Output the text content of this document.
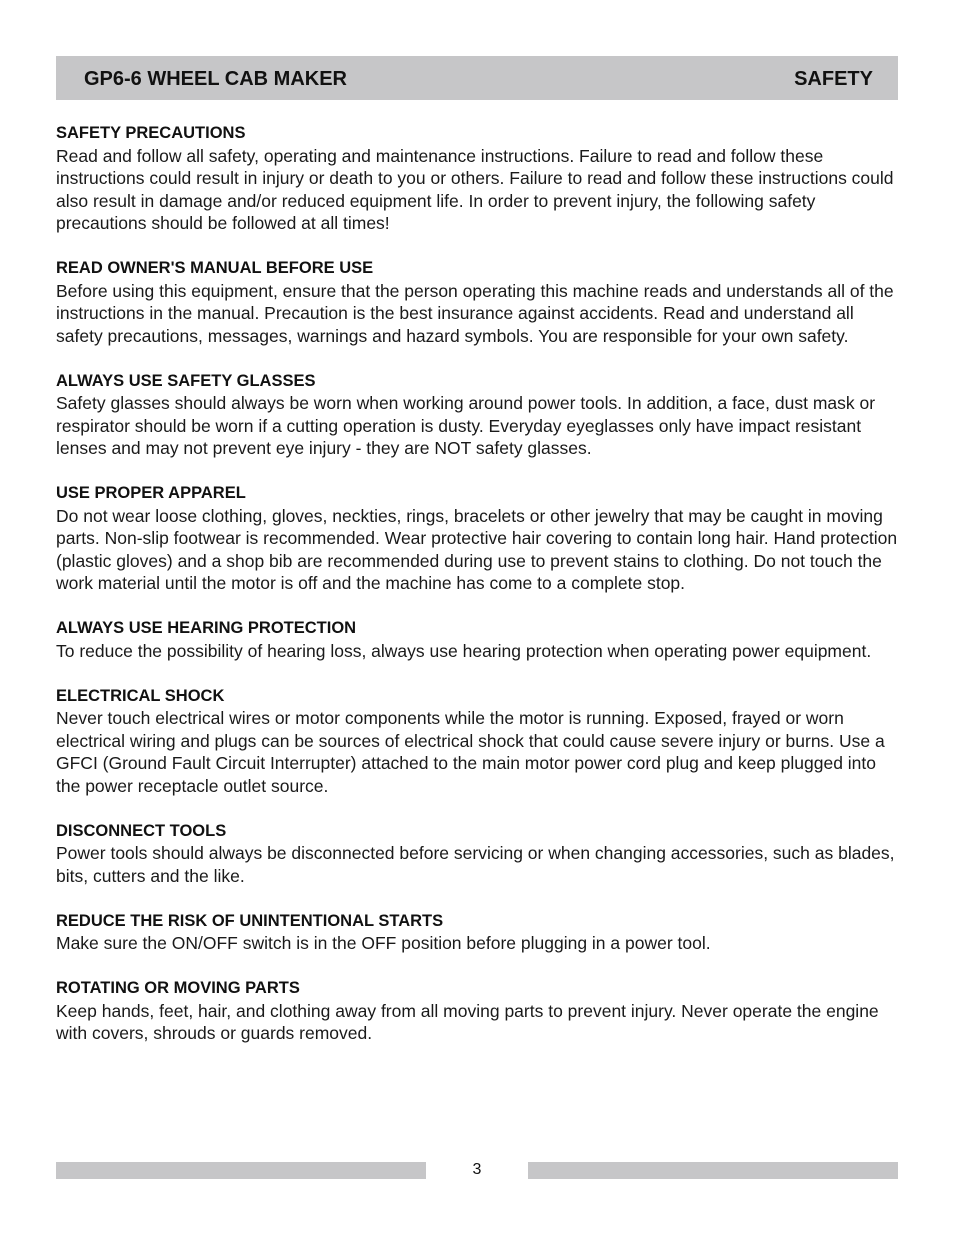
GP6-6 WHEEL CAB MAKER	SAFETY

SAFETY PRECAUTIONS

Read and follow all safety, operating and maintenance instructions. Failure to read and follow these instructions could result in injury or death to you or others. Failure to read and follow these instructions could also result in damage and/or reduced equipment life. In order to prevent injury, the following safety precautions should be followed at all times!

READ OWNER'S MANUAL BEFORE USE

Before using this equipment, ensure that the person operating this machine reads and understands all of the instructions in the manual. Precaution is the best insurance against accidents. Read and understand all safety precautions, messages, warnings and hazard symbols. You are responsible for your own safety.

ALWAYS USE SAFETY GLASSES

Safety glasses should always be worn when working around power tools. In addition, a face, dust mask or respirator should be worn if a cutting operation is dusty. Everyday eyeglasses only have impact resistant lenses and may not prevent eye injury - they are NOT safety glasses.

USE PROPER APPAREL

Do not wear loose clothing, gloves, neckties, rings, bracelets or other jewelry that may be caught in moving parts. Non-slip footwear is recommended. Wear protective hair covering to contain long hair. Hand protection (plastic gloves) and a shop bib are recommended during use to prevent stains to clothing. Do not touch the work material until the motor is off and the machine has come to a complete stop.

ALWAYS USE HEARING PROTECTION

To reduce the possibility of hearing loss, always use hearing protection when operating power equipment.

ELECTRICAL SHOCK

Never touch electrical wires or motor components while the motor is running. Exposed, frayed or worn electrical wiring and plugs can be sources of electrical shock that could cause severe injury or burns. Use a GFCI (Ground Fault Circuit Interrupter) attached to the main motor power cord plug and keep plugged into the power receptacle outlet source.

DISCONNECT TOOLS

Power tools should always be disconnected before servicing or when changing accessories, such as blades, bits, cutters and the like.

REDUCE THE RISK OF UNINTENTIONAL STARTS

Make sure the ON/OFF switch is in the OFF position before plugging in a power tool.

ROTATING OR MOVING PARTS

Keep hands, feet, hair, and clothing away from all moving parts to prevent injury. Never operate the engine with covers, shrouds or guards removed.

3
